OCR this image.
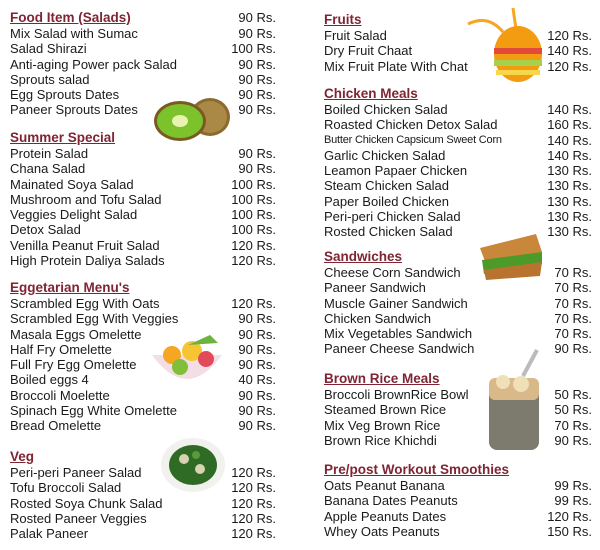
Food Item (Salads)	90 Rs.
Mix Salad with Sumac	90 Rs.
Salad Shirazi	100 Rs.
Anti-aging Power pack Salad	90 Rs.
Sprouts salad	90 Rs.
Egg Sprouts Dates	90 Rs.
Paneer Sprouts Dates	90 Rs.
Summer Special
Protein Salad	90 Rs.
Chana Salad	90 Rs.
Mainated Soya Salad	100 Rs.
Mushroom and Tofu Salad	100 Rs.
Veggies Delight Salad	100 Rs.
Detox Salad	100 Rs.
Venilla Peanut Fruit Salad	120 Rs.
High Protein Daliya Salads	120 Rs.
Eggetarian Menu's
Scrambled Egg With Oats	120 Rs.
Scrambled Egg With Veggies	90 Rs.
Masala Eggs Omelette	90 Rs.
Half Fry Omelette	90 Rs.
Full Fry Egg Omelette	90 Rs.
Boiled eggs 4	40 Rs.
Broccoli Moelette	90 Rs.
Spinach Egg White Omelette	90 Rs.
Bread Omelette	90 Rs.
Veg
Peri-peri Paneer Salad	120 Rs.
Tofu Broccoli Salad	120 Rs.
Rosted Soya Chunk Salad	120 Rs.
Rosted Paneer Veggies	120 Rs.
Palak Paneer	120 Rs.
Fruits
Fruit Salad	120 Rs.
Dry Fruit Chaat	140 Rs.
Mix Fruit Plate With Chat	120 Rs.
Chicken Meals
Boiled Chicken Salad	140 Rs.
Roasted Chicken Detox Salad	160 Rs.
Butter Chicken Capsicum Sweet Corn	140 Rs.
Garlic Chicken Salad	140 Rs.
Leamon Papaer Chicken	130 Rs.
Steam Chicken Salad	130 Rs.
Paper Boiled Chicken	130 Rs.
Peri-peri Chicken Salad	130 Rs.
Rosted Chicken Salad	130 Rs.
Sandwiches
Cheese Corn Sandwich	70 Rs.
Paneer Sandwich	70 Rs.
Muscle Gainer Sandwich	70 Rs.
Chicken Sandwich	70 Rs.
Mix Vegetables Sandwich	70 Rs.
Paneer Cheese Sandwich	90 Rs.
Brown Rice Meals
Broccoli BrownRice Bowl	50 Rs.
Steamed Brown Rice	50 Rs.
Mix Veg Brown Rice	70 Rs.
Brown Rice Khichdi	90 Rs.
Pre/post Workout Smoothies
Oats Peanut Banana	99 Rs.
Banana Dates Peanuts	99 Rs.
Apple Peanuts Dates	120 Rs.
Whey Oats Peanuts	150 Rs.
